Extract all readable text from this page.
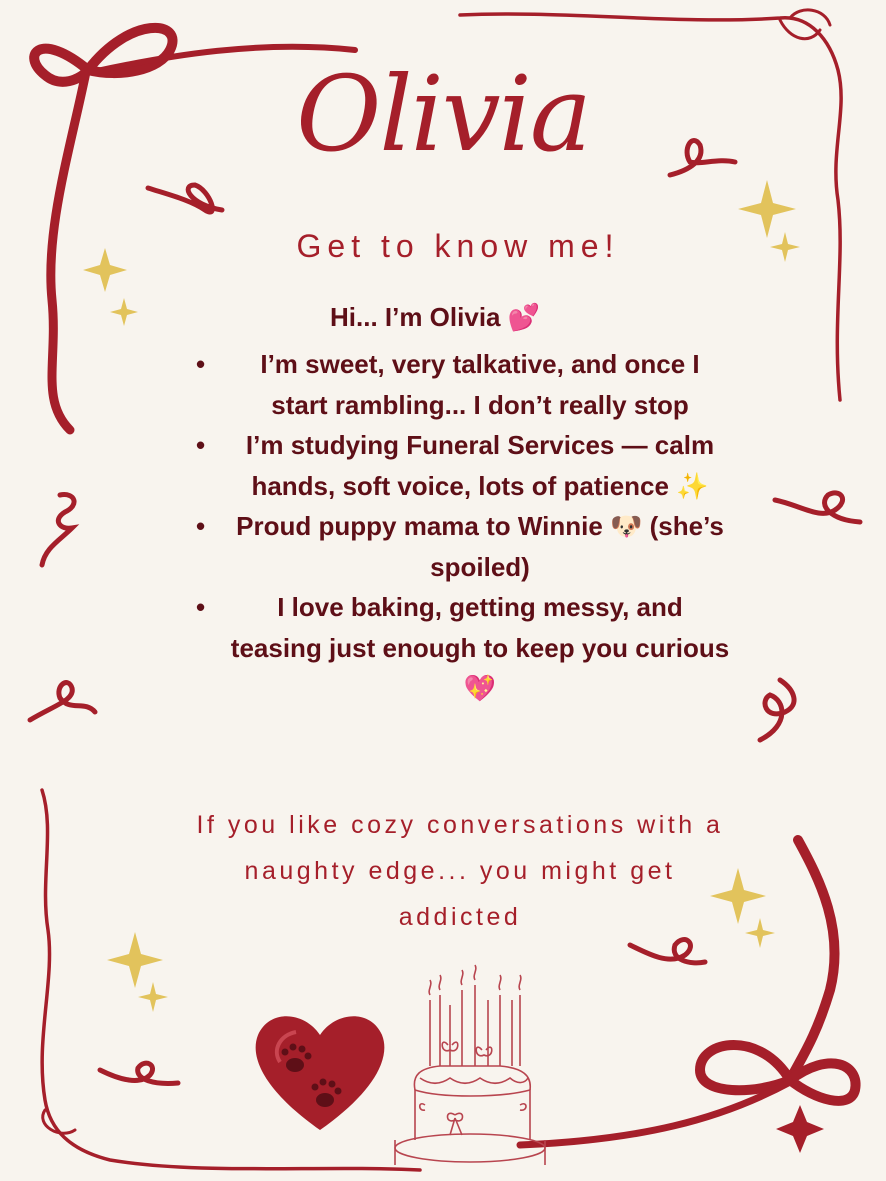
Olivia
Get to know me!
Hi... I’m Olivia 💕
• I’m sweet, very talkative, and once I start rambling... I don’t really stop
• I’m studying Funeral Services — calm hands, soft voice, lots of patience ✨
• Proud puppy mama to Winnie 🐶 (she’s spoiled)
• I love baking, getting messy, and teasing just enough to keep you curious 💖
If you like cozy conversations with a naughty edge... you might get addicted
